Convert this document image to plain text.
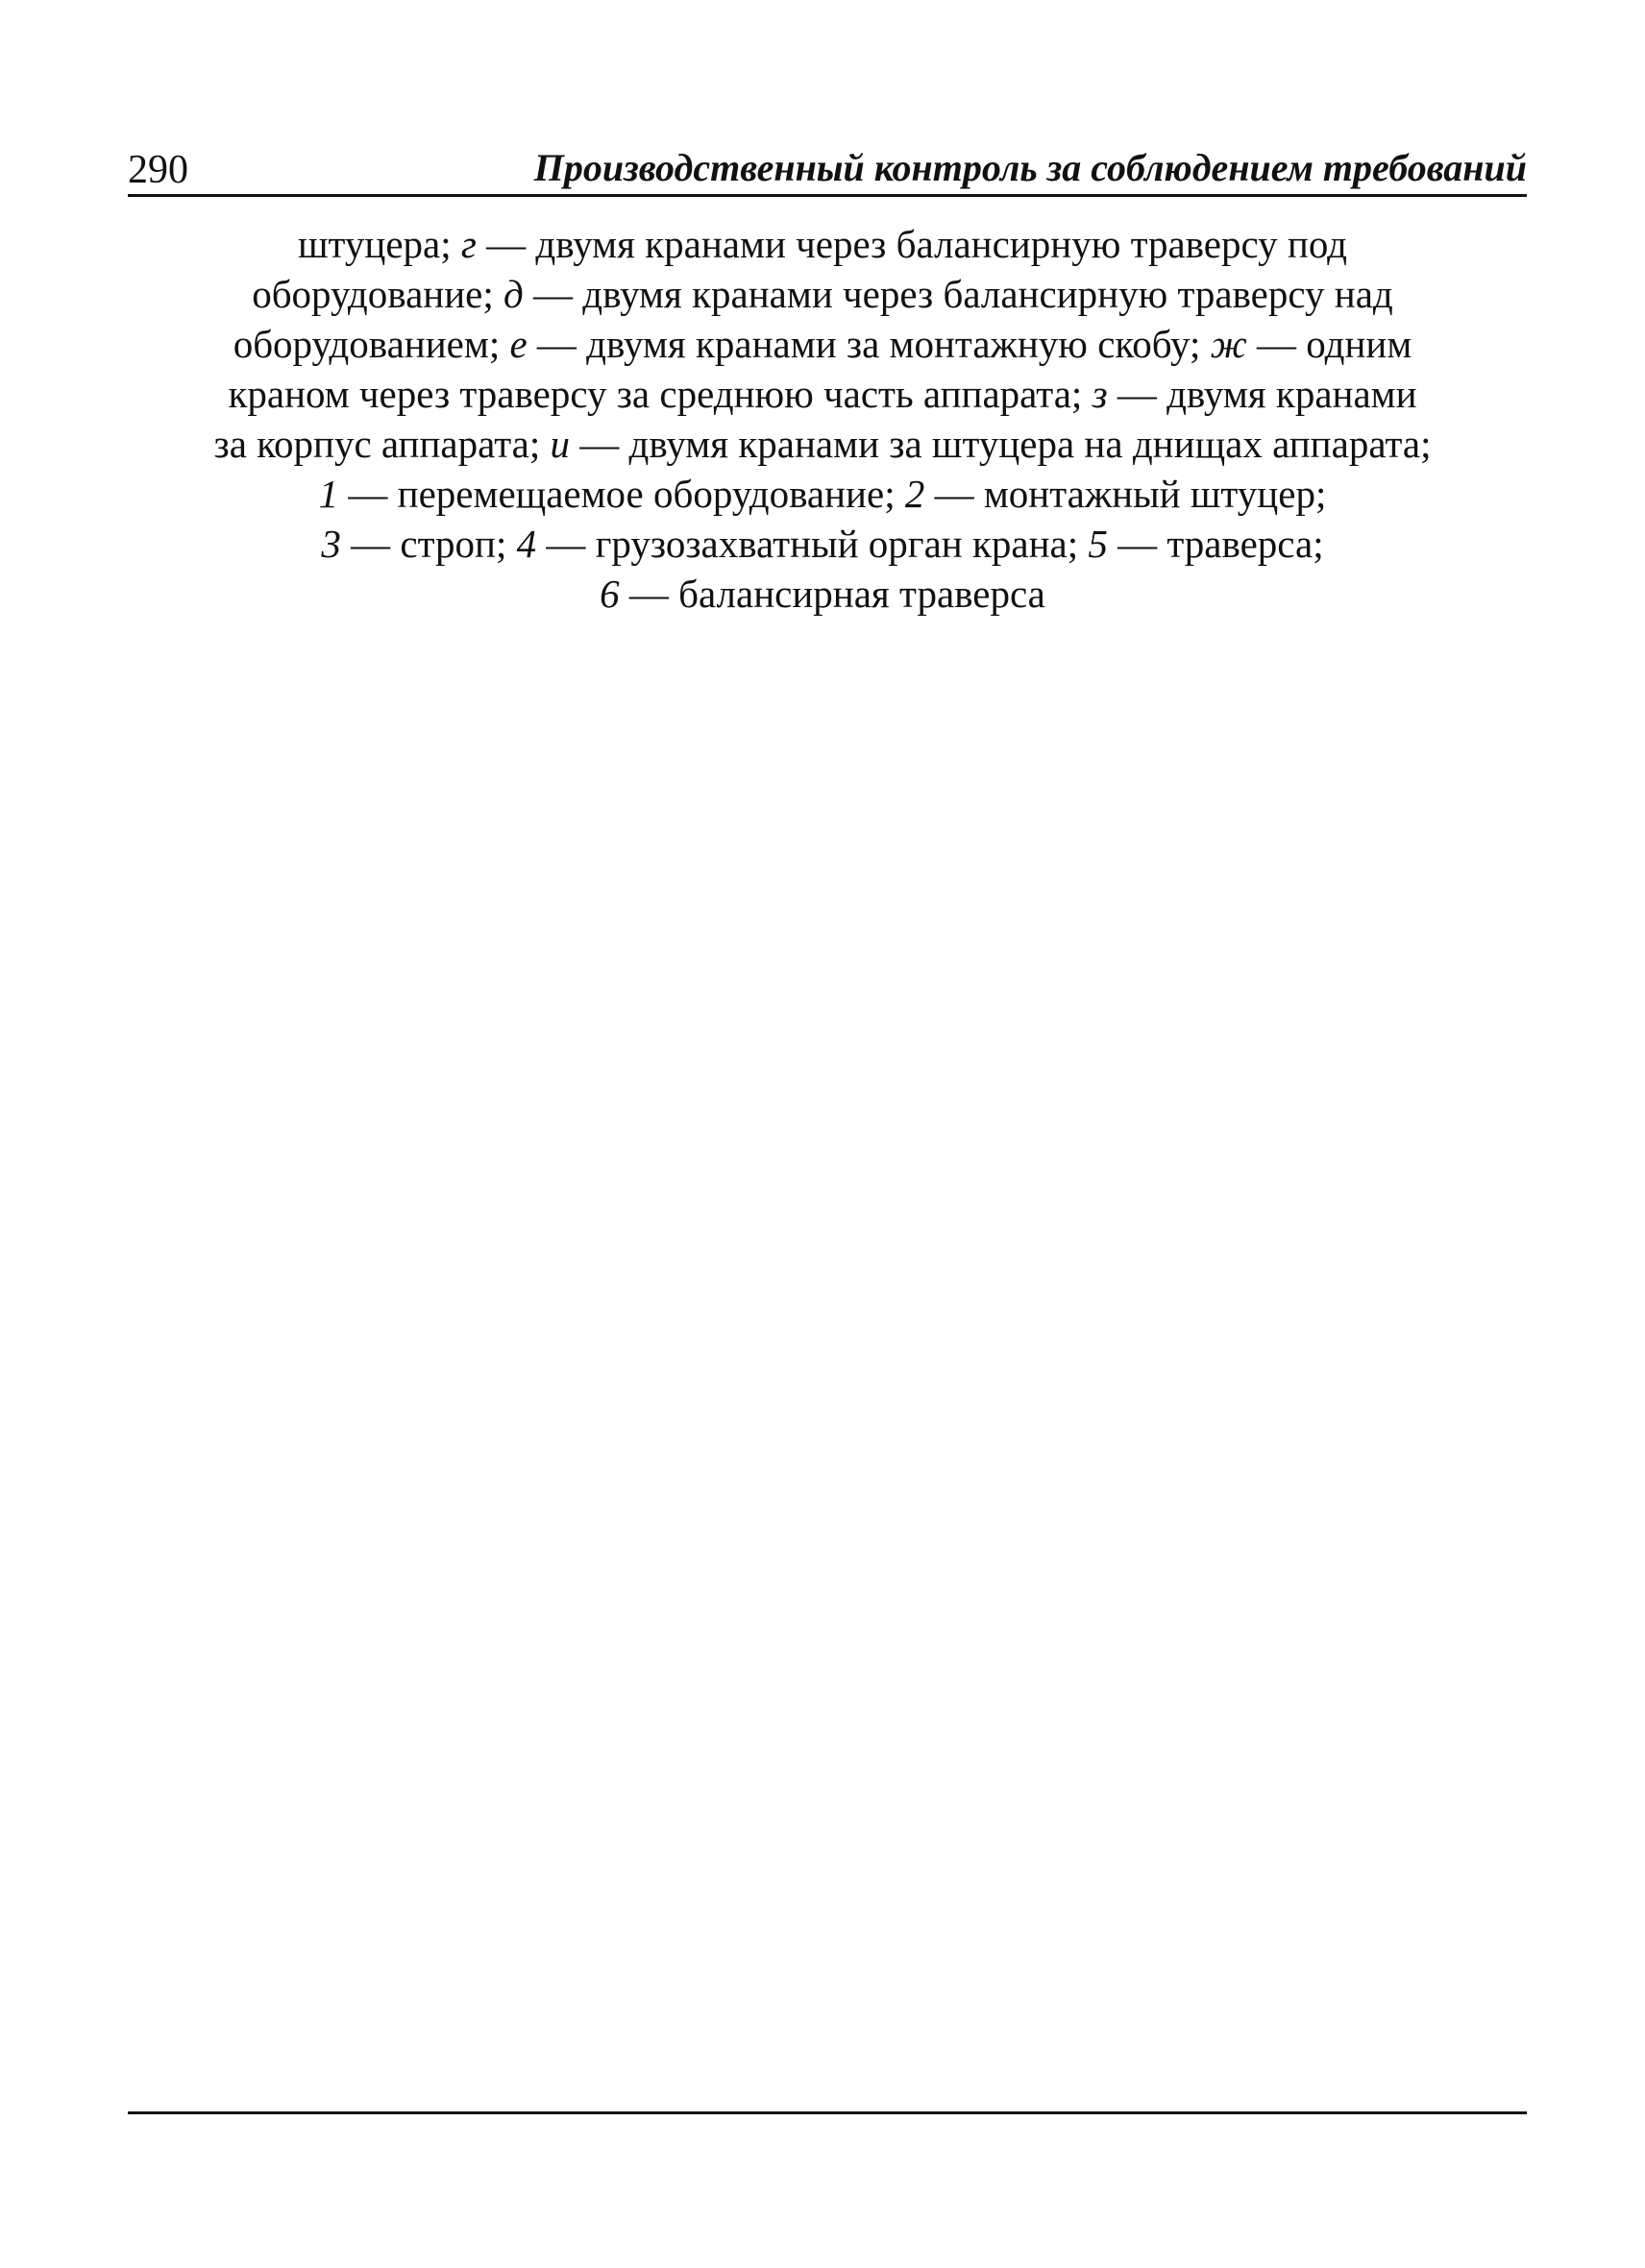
290	Производственный контроль за соблюдением требований
штуцера; г — двумя кранами через балансирную траверсу под
оборудование; д — двумя кранами через балансирную траверсу над
оборудованием; е — двумя кранами за монтажную скобу; ж — одним
краном через траверсу за среднюю часть аппарата; з — двумя кранами
за корпус аппарата; и — двумя кранами за штуцера на днищах аппарата;
1 — перемещаемое оборудование; 2 — монтажный штуцер;
3 — строп; 4 — грузозахватный орган крана; 5 — траверса;
6 — балансирная траверса
